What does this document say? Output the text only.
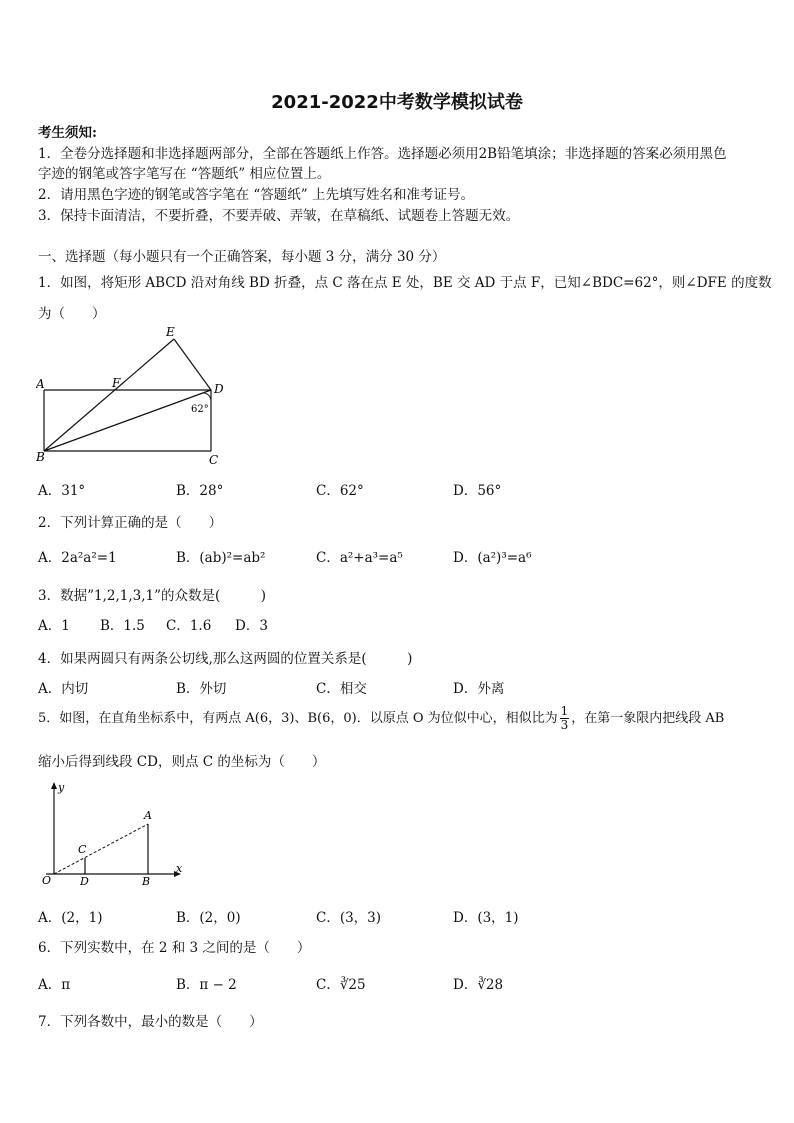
2021-2022中考数学模拟试卷
考生须知:
1．全卷分选择题和非选择题两部分，全部在答题纸上作答。选择题必须用2B铅笔填涂；非选择题的答案必须用黑色
字迹的钢笔或答字笔写在 “答题纸” 相应位置上。
2．请用黑色字迹的钢笔或答字笔在 “答题纸” 上先填写姓名和准考证号。
3．保持卡面清洁，不要折叠，不要弄破、弄皱，在草稿纸、试题卷上答题无效。
一、选择题（每小题只有一个正确答案，每小题 3 分，满分 30 分）
1．如图，将矩形 ABCD 沿对角线 BD 折叠，点 C 落在点 E 处，BE 交 AD 于点 F，已知∠BDC=62°，则∠DFE 的度数
为（　　）
E
A	F	D
62°
B	C
A．31°	B．28°	C．62°	D．56°
2．下列计算正确的是（　　）
A．2a²a²=1	B．(ab)²=ab²	C．a²+a³=a⁵	D．(a²)³=a⁶
3．数据”1,2,1,3,1”的众数是(　　　)
A．1 B．1.5 C．1.6 D．3
4．如果两圆只有两条公切线,那么这两圆的位置关系是(　　　)
A．内切	B．外切	C．相交	D．外离
5．如图，在直角坐标系中，有两点 A(6，3)、B(6，0)．以原点 O 为位似中心，相似比为 $\frac{1}{3}$ ，在第一象限内把线段 AB
缩小后得到线段 CD，则点 C 的坐标为（　　）
y
x
A
C
O	D	B
A．(2，1)	B．(2，0)	C．(3，3)	D．(3，1)
6．下列实数中，在 2 和 3 之间的是（　　）
A．π	B．π − 2	C．∛25	D．∛28
7．下列各数中，最小的数是（　　）
